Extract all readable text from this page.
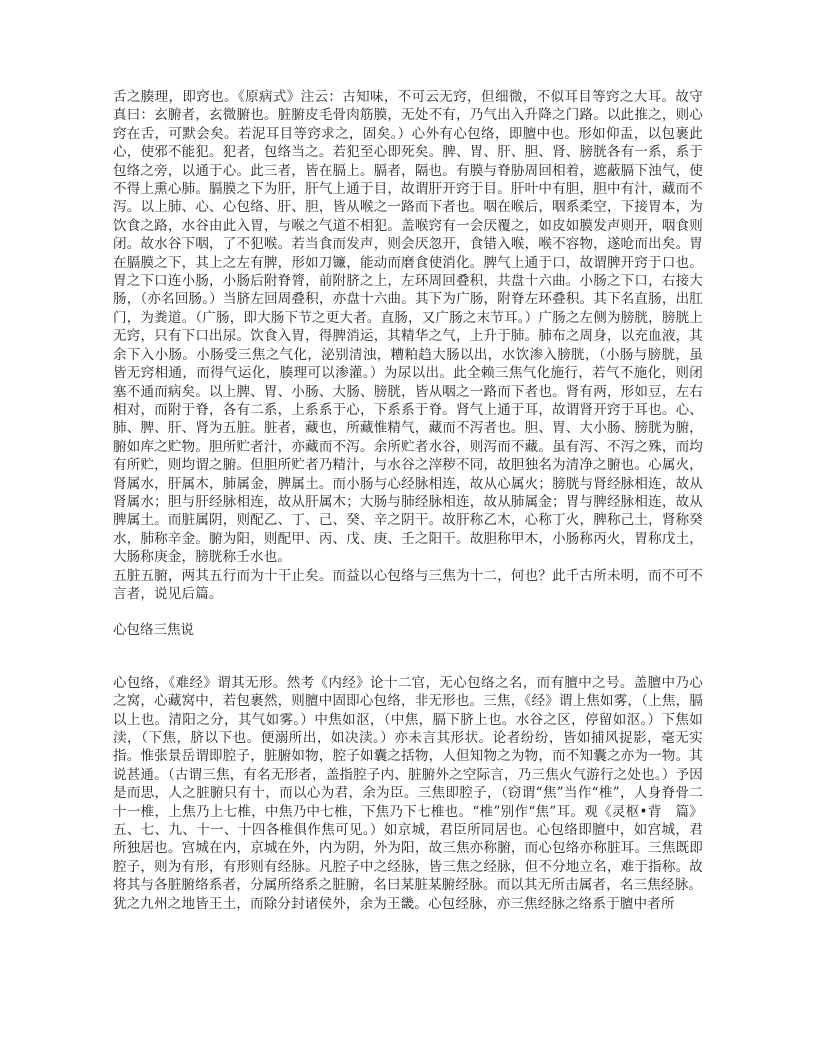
舌之腠理，即窍也。《原病式》注云：古知味，不可云无窍，但细微，不似耳目等窍之大耳。故守真曰：玄腑者，玄微腑也。脏腑皮毛骨肉筋膜，无处不有，乃气出入升降之门路。以此推之，则心窍在舌，可默会矣。若泥耳目等窍求之，固矣。）心外有心包络，即膻中也。形如仰盂，以包裹此心，使邪不能犯。犯者，包络当之。若犯至心即死矣。脾、胃、肝、胆、肾、膀胱各有一系，系于包络之旁，以通于心。此三者，皆在膈上。膈者，隔也。有膜与脊胁周回相着，遮蔽膈下浊气，使不得上熏心肺。膈膜之下为肝，肝气上通于目，故谓肝开窍于目。肝叶中有胆，胆中有汁，藏而不泻。以上肺、心、心包络、肝、胆，皆从喉之一路而下者也。咽在喉后，咽系柔空，下接胃本，为饮食之路，水谷由此入胃，与喉之气道不相犯。盖喉窍有一会厌覆之，如皮如膜发声则开，咽食则闭。故水谷下咽，了不犯喉。若当食而发声，则会厌忽开，食错入喉，喉不容物，遂呛而出矣。胃在膈膜之下，其上之左有脾，形如刀镰，能动而磨食使消化。脾气上通于口，故谓脾开窍于口也。胃之下口连小肠，小肠后附脊膂，前附脐之上，左环周回叠积，共盘十六曲。小肠之下口，右接大肠，（亦名回肠。）当脐左回周叠积，亦盘十六曲。其下为广肠，附脊左环叠积。其下名直肠，出肛门，为粪道。（广肠，即大肠下节之更大者。直肠，又广肠之末节耳。）广肠之左侧为膀胱，膀胱上无窍，只有下口出尿。饮食入胃，得脾消运，其精华之气，上升于肺。肺布之周身，以充血液，其余下入小肠。小肠受三焦之气化，泌别清浊，糟粕趋大肠以出，水饮渗入膀胱，（小肠与膀胱，虽皆无窍相通，而得气运化，腠理可以渗灌。）为尿以出。此全赖三焦气化施行，若气不施化，则闭塞不通而病矣。以上脾、胃、小肠、大肠、膀胱，皆从咽之一路而下者也。肾有两，形如豆，左右相对，而附于脊，各有二系，上系系于心，下系系于脊。肾气上通于耳，故谓肾开窍于耳也。心、肺、脾、肝、肾为五脏。脏者，藏也，所藏惟精气，藏而不泻者也。胆、胃、大小肠、膀胱为腑，腑如库之贮物。胆所贮者汁，亦藏而不泻。余所贮者水谷，则泻而不藏。虽有泻、不泻之殊，而均有所贮，则均谓之腑。但胆所贮者乃精汁，与水谷之滓秽不同，故胆独名为清净之腑也。心属火，肾属水，肝属木，肺属金，脾属土。而小肠与心经脉相连，故从心属火；膀胱与肾经脉相连，故从肾属水；胆与肝经脉相连，故从肝属木；大肠与肺经脉相连，故从肺属金；胃与脾经脉相连，故从脾属土。而脏属阴，则配乙、丁、己、癸、辛之阴干。故肝称乙木，心称丁火，脾称己土，肾称癸水，肺称辛金。腑为阳，则配甲、丙、戊、庚、壬之阳干。故胆称甲木，小肠称丙火，胃称戊土，大肠称庚金，膀胱称壬水也。

五脏五腑，两其五行而为十干止矣。而益以心包络与三焦为十二，何也？此千古所未明，而不可不言者，说见后篇。

心包络三焦说

心包络，《难经》谓其无形。然考《内经》论十二官，无心包络之名，而有膻中之号。盖膻中乃心之窝，心藏窝中，若包裹然，则膻中固即心包络，非无形也。三焦，《经》谓上焦如雾，（上焦，膈以上也。清阳之分，其气如雾。）中焦如沤，（中焦，膈下脐上也。水谷之区，停留如沤。）下焦如渎，（下焦，脐以下也。便溺所出，如决渎。）亦未言其形状。论者纷纷，皆如捕风捉影，毫无实指。惟张景岳谓即腔子，脏腑如物，腔子如囊之括物，人但知物之为物，而不知囊之亦为一物。其说甚通。（古谓三焦，有名无形者，盖指腔子内、脏腑外之空际言，乃三焦火气游行之处也。）予因是而思，人之脏腑只有十，而以心为君，余为臣。三焦即腔子，（窃谓“焦”当作“椎”，人身脊骨二十一椎，上焦乃上七椎，中焦乃中七椎，下焦乃下七椎也。“椎”别作“焦”耳。观《灵枢•背　篇》五、七、九、十一、十四各椎俱作焦可见。）如京城，君臣所同居也。心包络即膻中，如宫城，君所独居也。宫城在内，京城在外，内为阴，外为阳，故三焦亦称腑，而心包络亦称脏耳。三焦既即腔子，则为有形，有形则有经脉。凡腔子中之经脉，皆三焦之经脉，但不分地立名，难于指称。故将其与各脏腑络系者，分属所络系之脏腑，名曰某脏某腑经脉。而以其无所击属者，名三焦经脉。

犹之九州之地皆王土，而除分封诸侯外，余为王畿。心包经脉，亦三焦经脉之络系于膻中者所
